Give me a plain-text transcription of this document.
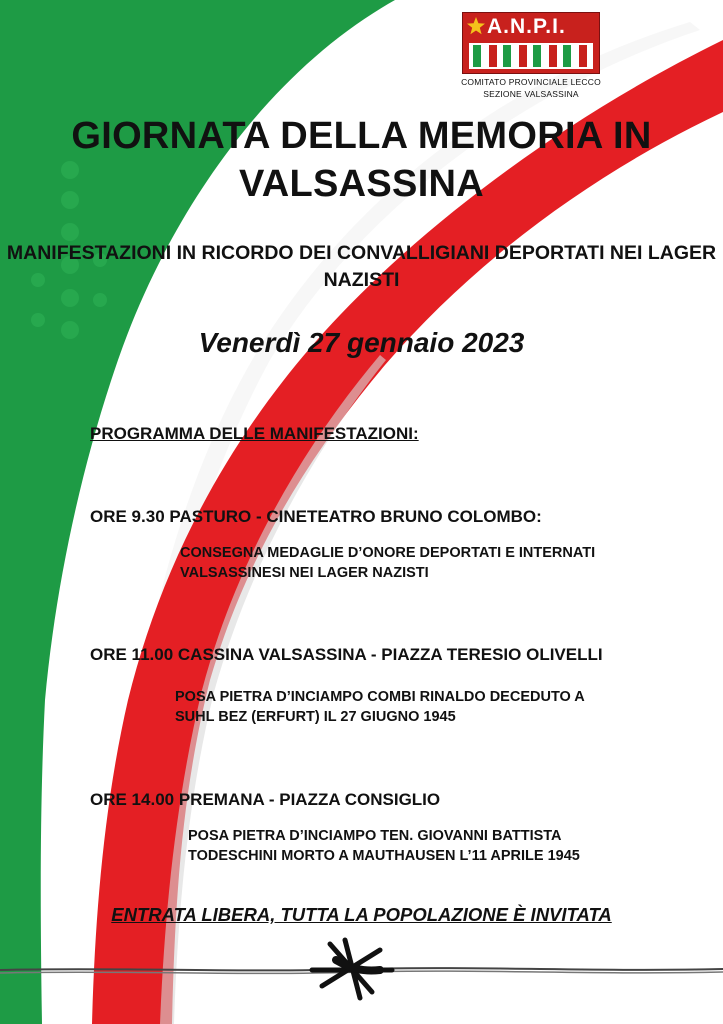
A.N.P.I.
COMITATO PROVINCIALE LECCO
SEZIONE VALSASSINA
GIORNATA DELLA MEMORIA IN VALSASSINA
MANIFESTAZIONI IN RICORDO DEI CONVALLIGIANI DEPORTATI NEI LAGER NAZISTI
Venerdì 27 gennaio 2023
PROGRAMMA DELLE MANIFESTAZIONI:
ORE 9.30 PASTURO - CINETEATRO BRUNO COLOMBO:
CONSEGNA MEDAGLIE D’ONORE DEPORTATI E INTERNATI
VALSASSINESI NEI LAGER NAZISTI
ORE 11.00 CASSINA VALSASSINA - PIAZZA TERESIO OLIVELLI
POSA PIETRA D’INCIAMPO COMBI RINALDO DECEDUTO A
SUHL BEZ (ERFURT) IL 27 GIUGNO 1945
ORE 14.00 PREMANA - PIAZZA CONSIGLIO
POSA PIETRA D’INCIAMPO TEN. GIOVANNI BATTISTA
TODESCHINI MORTO A MAUTHAUSEN L’11 APRILE 1945
ENTRATA LIBERA, TUTTA LA POPOLAZIONE È INVITATA
